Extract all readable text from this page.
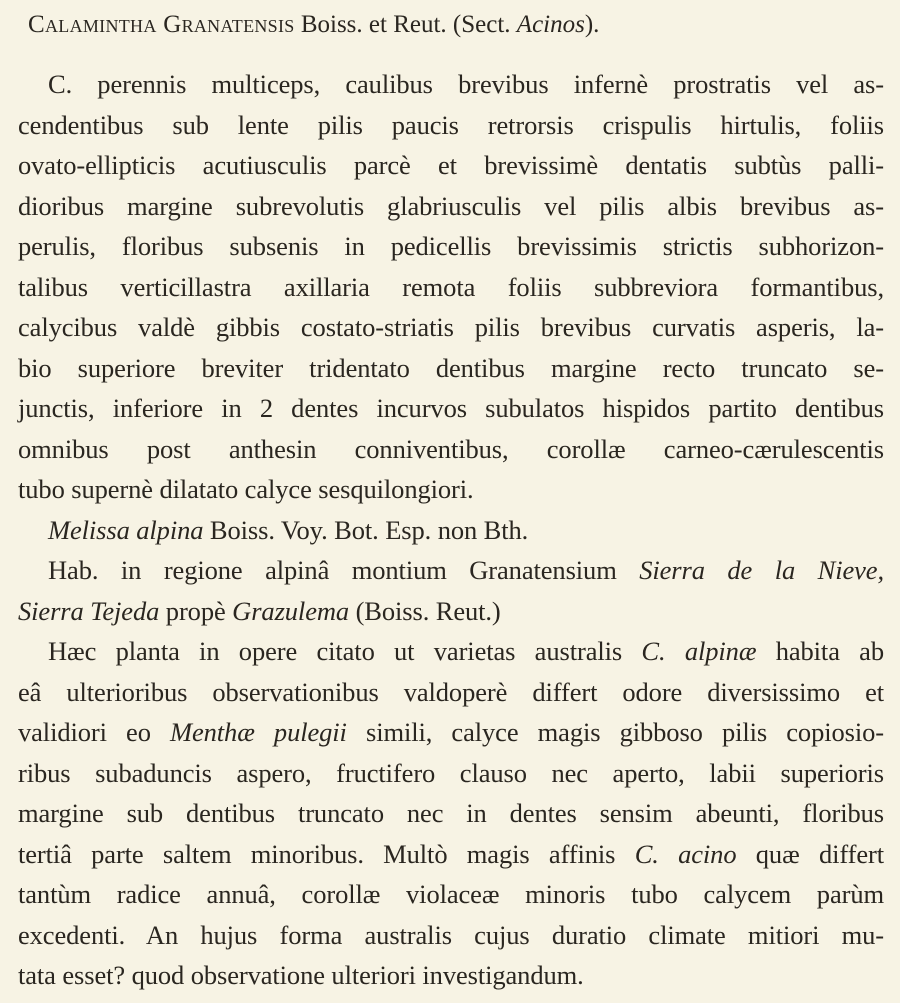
Calamintha Granatensis Boiss. et Reut. (Sect. Acinos).
C. perennis multiceps, caulibus brevibus infernè prostratis vel as-
cendentibus sub lente pilis paucis retrorsis crispulis hirtulis, foliis
ovato-ellipticis acutiusculis parcè et brevissimè dentatis subtùs palli-
dioribus margine subrevolutis glabriusculis vel pilis albis brevibus as-
perulis, floribus subsenis in pedicellis brevissimis strictis subhorizon-
talibus verticillastra axillaria remota foliis subbreviora formantibus,
calycibus valdè gibbis costato-striatis pilis brevibus curvatis asperis, la-
bio superiore breviter tridentato dentibus margine recto truncato se-
junctis, inferiore in 2 dentes incurvos subulatos hispidos partito dentibus
omnibus post anthesin conniventibus, corollæ carneo-cærulescentis
tubo supernè dilatato calyce sesquilongiori.
Melissa alpina Boiss. Voy. Bot. Esp. non Bth.
Hab. in regione alpinâ montium Granatensium Sierra de la Nieve,
Sierra Tejeda propè Grazulema (Boiss. Reut.)
Hæc planta in opere citato ut varietas australis C. alpinæ habita ab
eâ ulterioribus observationibus valdoperè differt odore diversissimo et
validiori eo Menthæ pulegii simili, calyce magis gibboso pilis copiosio-
ribus subaduncis aspero, fructifero clauso nec aperto, labii superioris
margine sub dentibus truncato nec in dentes sensim abeunti, floribus
tertiâ parte saltem minoribus. Multò magis affinis C. acino quæ differt
tantùm radice annuâ, corollæ violaceæ minoris tubo calycem parùm
excedenti. An hujus forma australis cujus duratio climate mitiori mu-
tata esset? quod observatione ulteriori investigandum.
